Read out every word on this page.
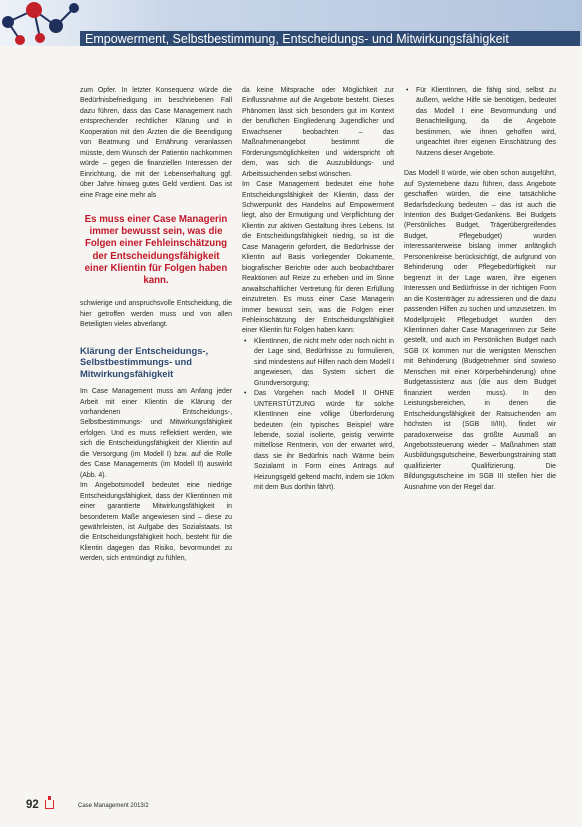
Empowerment, Selbstbestimmung, Entscheidungs- und Mitwirkungsfähigkeit

zum Opfer. In letzter Konsequenz würde die Bedürfnisbefriedigung im beschriebenen Fall dazu führen, dass das Case Management nach entsprechender rechtlicher Klärung und in Kooperation mit den Ärzten die die Beendigung von Beatmung und Ernährung veranlassen müsste, dem Wunsch der Patientin nachkommen würde – gegen die finanziellen Interessen der Einrichtung, die mit der Lebenserhaltung ggf. über Jahre hinweg gutes Geld verdient. Das ist eine Frage eine mehr als

Es muss einer Case Managerin immer bewusst sein, was die Folgen einer Fehleinschätzung der Entscheidungsfähigkeit einer Klientin für Folgen haben kann.

schwierige und anspruchsvolle Entscheidung, die hier getroffen werden muss und von allen Beteiligten vieles abverlangt.

Klärung der Entscheidungs-, Selbstbestimmungs- und Mitwirkungsfähigkeit

Im Case Management muss am Anfang jeder Arbeit mit einer Klientin die Klärung der vorhandenen Entscheidungs-, Selbstbestimmungs- und Mitwirkungsfähigkeit erfolgen. Und es muss reflektiert werden, wie sich die Entscheidungsfähigkeit der Klientin auf die Versorgung (im Modell I) bzw. auf die Rolle des Case Managements (im Modell II) auswirkt (Abb. 4).

Im Angebotsmodell bedeutet eine niedrige Entscheidungsfähigkeit, dass der Klientinnen mit einer garantierte Mitwirkungsfähigkeit in besonderem Maße angewiesen sind – diese zu gewährleisten, ist Aufgabe des Sozialstaats. Ist die Entscheidungsfähigkeit hoch, besteht für die Klientin dagegen das Risiko, bevormundet zu werden, sich entmündigt zu fühlen,

da keine Mitsprache oder Möglichkeit zur Einflussnahme auf die Angebote besteht. Dieses Phänomen lässt sich besonders gut im Kontext der beruflichen Eingliederung Jugendlicher und Erwachsener beobachten – das Maßnahmenangebot bestimmt die Förderungsmöglichkeiten und widerspricht oft dem, was sich die Auszubildungs- und Arbeitssuchenden selbst wünschen.

Im Case Management bedeutet eine hohe Entscheidungsfähigkeit der Klientin, dass der Schwerpunkt des Handelns auf Empowerment liegt, also der Ermutigung und Verpflichtung der Klientin zur aktiven Gestaltung ihres Lebens. Ist die Entscheidungsfähigkeit niedrig, so ist die Case Managerin gefordert, die Bedürfnisse der Klientin auf Basis vorliegender Dokumente, biografischer Berichte oder auch beobachtbarer Reaktionen auf Reize zu erheben und im Sinne anwaltschaftlicher Vertretung für deren Erfüllung einzutreten. Es muss einer Case Managerin immer bewusst sein, was die Folgen einer Fehleinschätzung der Entscheidungsfähigkeit einer Klientin für Folgen haben kann:

• KlientInnen, die nicht mehr oder noch nicht in der Lage sind, Bedürfnisse zu formulieren, sind mindestens auf Hilfen nach dem Modell I angewiesen, das System sichert die Grundversorgung;
• Das Vorgehen nach Modell II OHNE UNTERSTÜTZUNG würde für solche KlientInnen eine völlige Überforderung bedeuten (ein typisches Beispiel wäre lebende, sozial isolierte, geistig verwirrte mittellose Rentnerin, von der erwartet wird, dass sie ihr Bedürfnis nach Wärme beim Sozialamt in Form eines Antrags auf Heizungsgeld geltend macht, indem sie 10km mit dem Bus dorthin fährt).
• Für KlientInnen, die fähig sind, selbst zu äußern, welche Hilfe sie benötigen, bedeutet das Modell I eine Bevormundung und Benachteiligung, da die Angebote bestimmen, wie ihnen geholfen wird, ungeachtet ihrer eigenen Einschätzung des Nutzens dieser Angebote.

Das Modell II würde, wie oben schon ausgeführt, auf Systemebene dazu führen, dass Angebote geschaffen würden, die eine tatsächliche Bedarfsdeckung bedeuten – das ist auch die Intention des Budget-Gedankens. Bei Budgets (Persönliches Budget, Trägerübergreifendes Budget, Pflegebudget) wurden interessanterweise bislang immer anfänglich Personenkreise berücksichtigt, die aufgrund von Behinderung oder Pflegebedürftigkeit nur begrenzt in der Lage waren, ihre eigenen Interessen und Bedürfnisse in der richtigen Form an die Kostenträger zu adressieren und die dazu passenden Hilfen zu suchen und umzusetzen. Im Modellprojekt Pflegebudget wurden den Klientinnen daher Case Managerinnen zur Seite gestellt, und auch im Persönlichen Budget nach SGB IX kommen nur die wenigsten Menschen mit Behinderung (Budgetnehmer sind sowieso Menschen mit einer Körperbehinderung) ohne Budgetassistenz aus (die aus dem Budget finanziert werden muss). In den Leistungsbereichen, in denen die Entscheidungsfähigkeit der Ratsuchenden am höchsten ist (SGB II/III), findet wir paradoxerweise das größte Ausmaß an Angebotssteuerung wieder – Maßnahmen statt Ausbildungsgutscheine, Bewerbungstraining statt qualifizierter Qualifizierung. Die Bildungsgutscheine im SGB III stellen hier die Ausnahme von der Regel dar.

92	Case Management 2013/2
